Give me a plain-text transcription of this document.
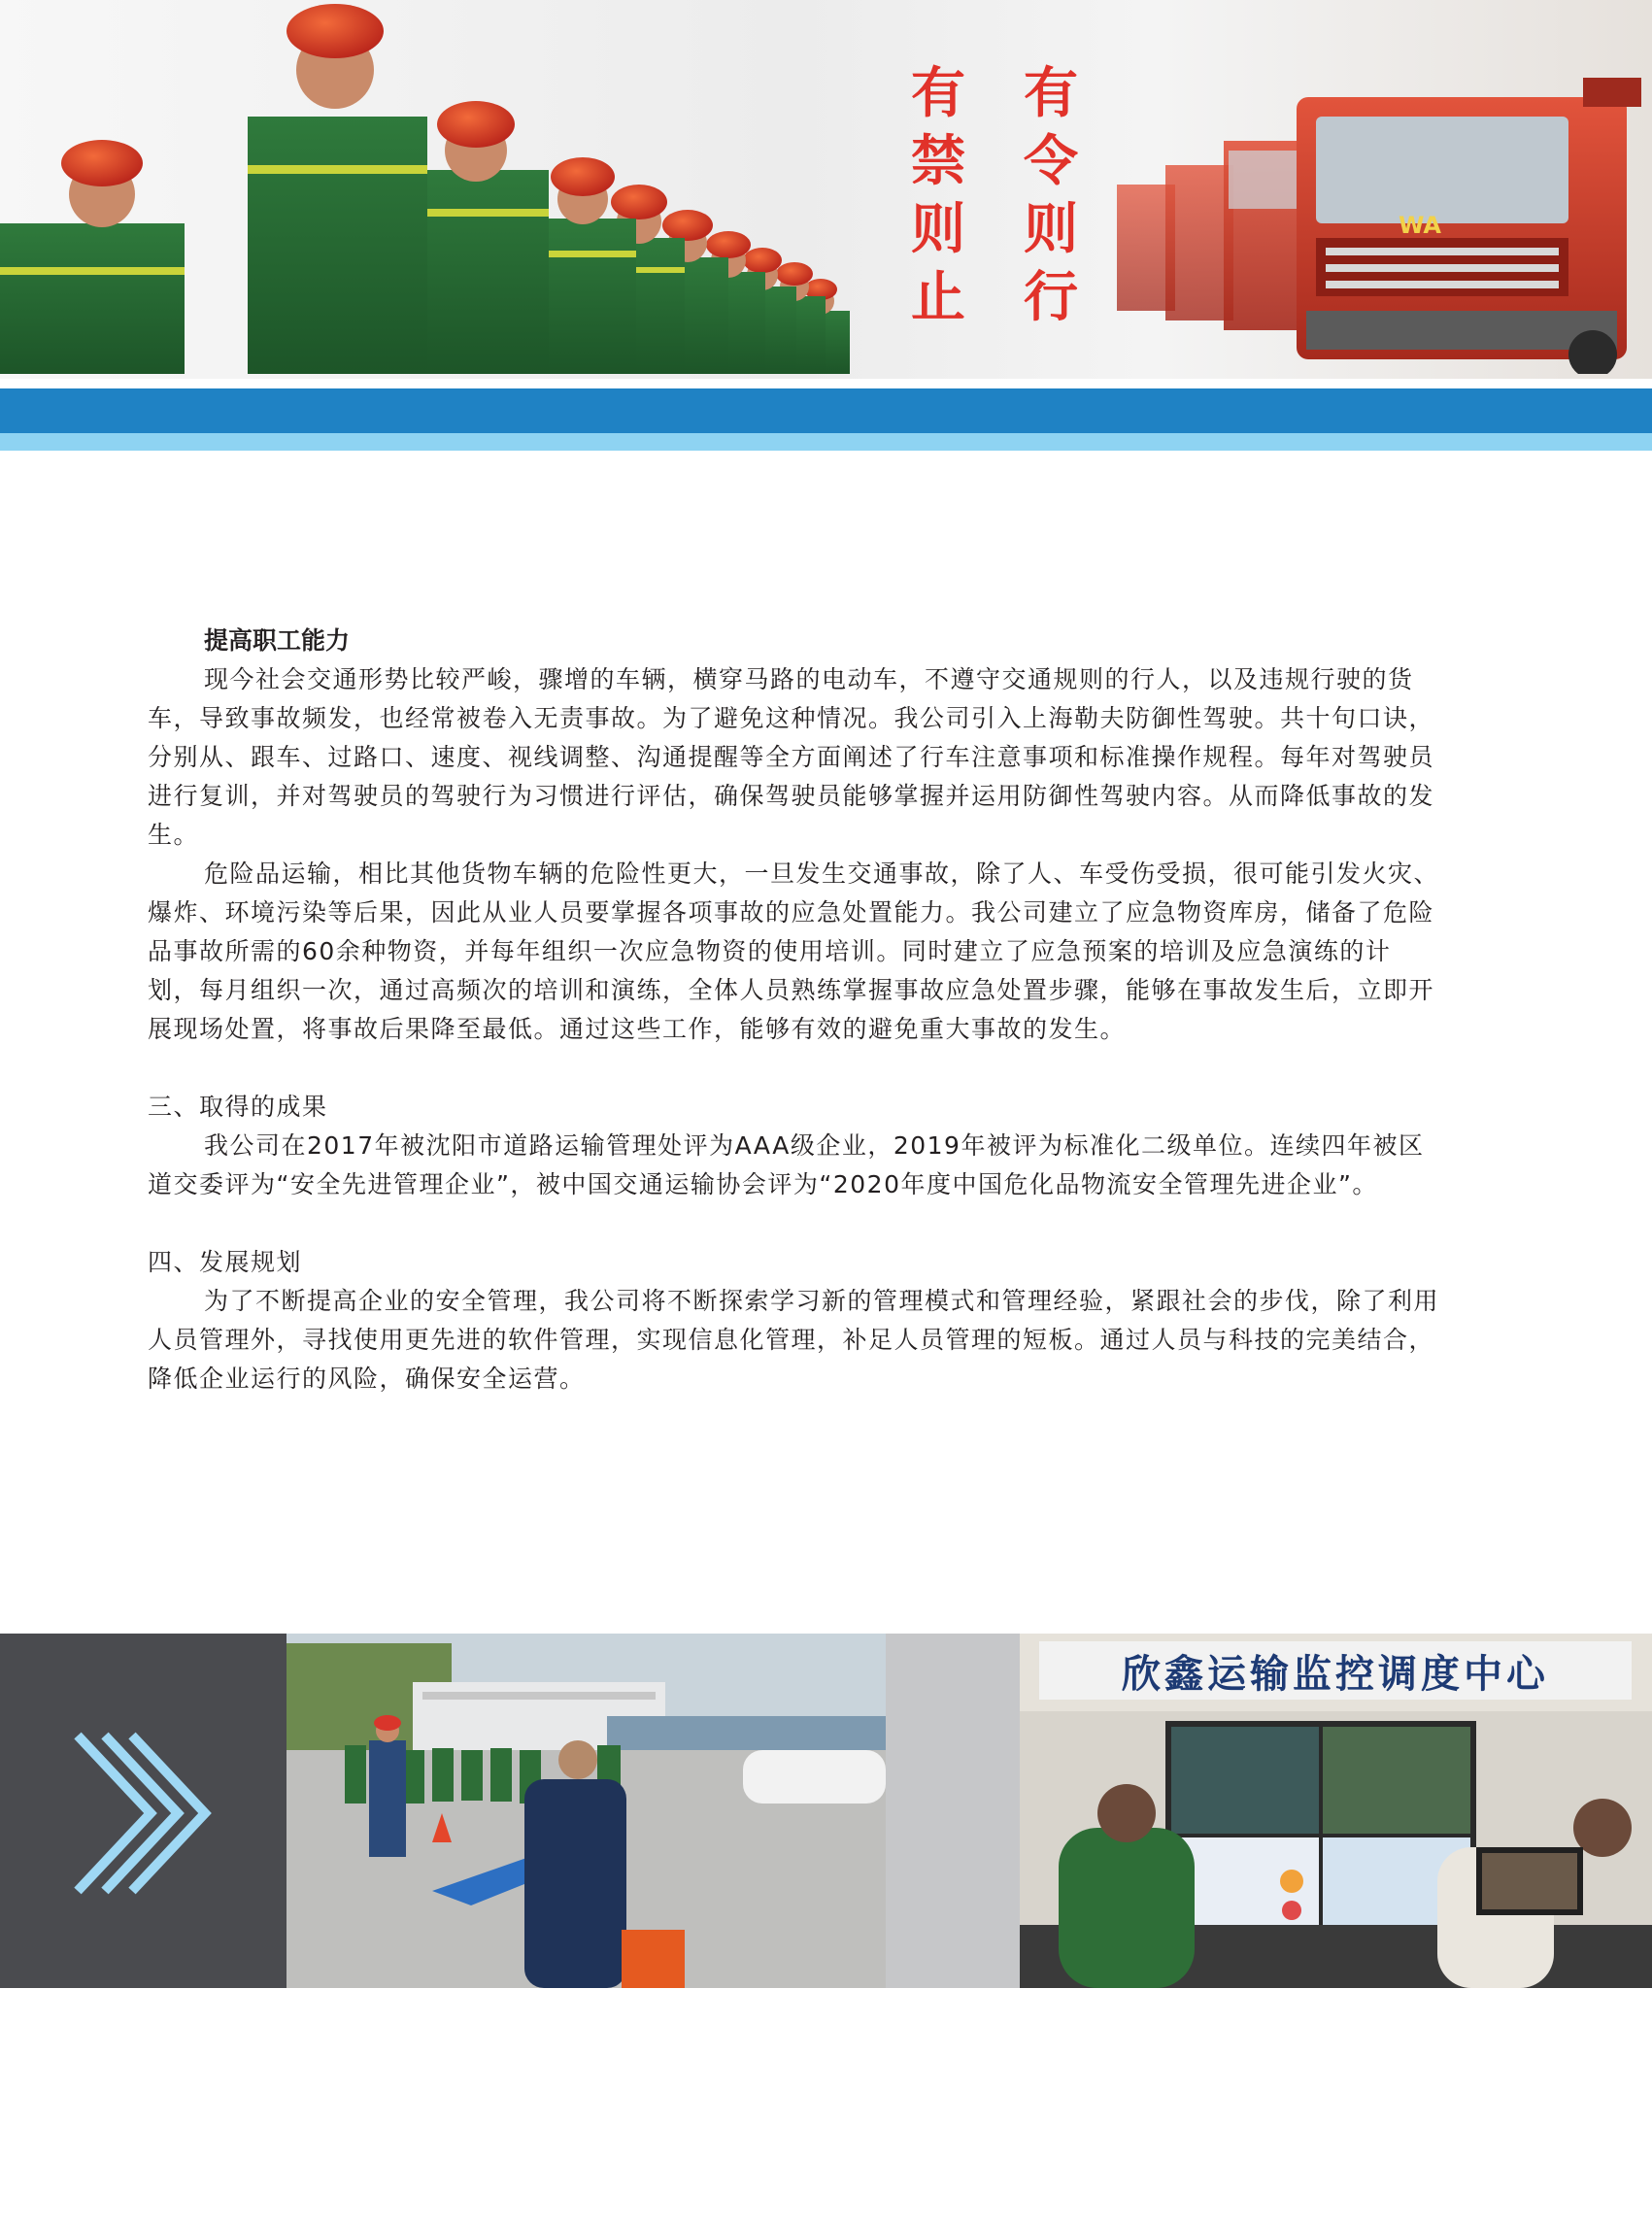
有
令
则
行
有
禁
则
止
WA

提高职工能力

现今社会交通形势比较严峻，骤增的车辆，横穿马路的电动车，不遵守交通规则的行人，以及违规行驶的货车，导致事故频发，也经常被卷入无责事故。为了避免这种情况。我公司引入上海勒夫防御性驾驶。共十句口诀，分别从、跟车、过路口、速度、视线调整、沟通提醒等全方面阐述了行车注意事项和标准操作规程。每年对驾驶员进行复训，并对驾驶员的驾驶行为习惯进行评估，确保驾驶员能够掌握并运用防御性驾驶内容。从而降低事故的发生。

危险品运输，相比其他货物车辆的危险性更大，一旦发生交通事故，除了人、车受伤受损，很可能引发火灾、爆炸、环境污染等后果，因此从业人员要掌握各项事故的应急处置能力。我公司建立了应急物资库房，储备了危险品事故所需的60余种物资，并每年组织一次应急物资的使用培训。同时建立了应急预案的培训及应急演练的计划，每月组织一次，通过高频次的培训和演练，全体人员熟练掌握事故应急处置步骤，能够在事故发生后，立即开展现场处置，将事故后果降至最低。通过这些工作，能够有效的避免重大事故的发生。

三、取得的成果

我公司在2017年被沈阳市道路运输管理处评为AAA级企业，2019年被评为标准化二级单位。连续四年被区道交委评为“安全先进管理企业”，被中国交通运输协会评为“2020年度中国危化品物流安全管理先进企业”。

四、发展规划

为了不断提高企业的安全管理，我公司将不断探索学习新的管理模式和管理经验，紧跟社会的步伐，除了利用人员管理外，寻找使用更先进的软件管理，实现信息化管理，补足人员管理的短板。通过人员与科技的完美结合，降低企业运行的风险，确保安全运营。

欣鑫运输监控调度中心
